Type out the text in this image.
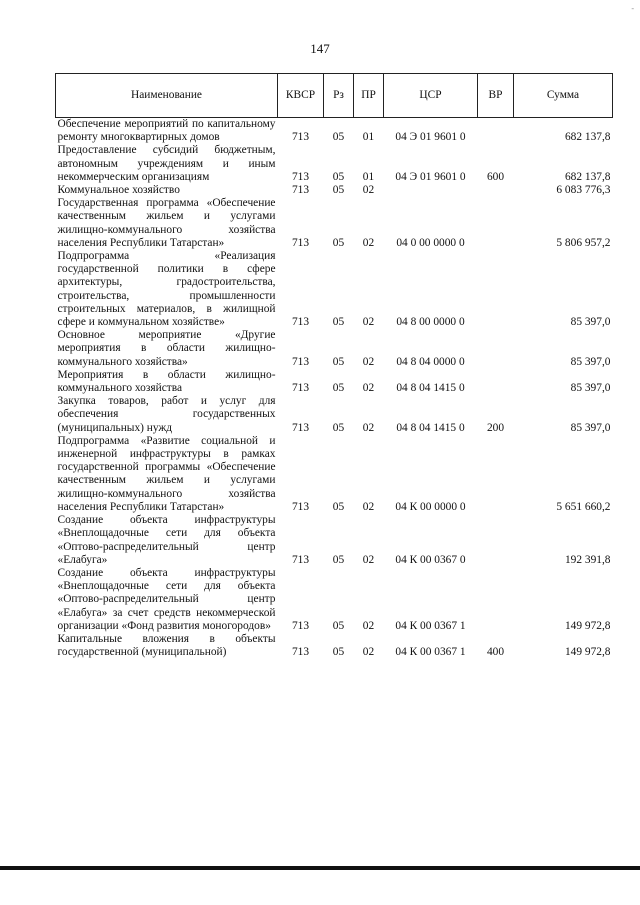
-
147
Наименование	КВСР	Рз	ПР	ЦСР	ВР	Сумма
Обеспечение мероприятий по капитальному ремонту многоквартирных домов	713	05	01	04 Э 01 9601 0		682 137,8
Предоставление субсидий бюджетным, автономным учреждениям и иным некоммерческим организациям	713	05	01	04 Э 01 9601 0	600	682 137,8
Коммунальное хозяйство	713	05	02			6 083 776,3
Государственная программа «Обеспечение качественным жильем и услугами жилищно-коммунального хозяйства населения Республики Татарстан»	713	05	02	04 0 00 0000 0		5 806 957,2
Подпрограмма «Реализация государственной политики в сфере архитектуры, градостроительства, строительства, промышленности строительных материалов, в жилищной сфере и коммунальном хозяйстве»	713	05	02	04 8 00 0000 0		85 397,0
Основное мероприятие «Другие мероприятия в области жилищно-коммунального хозяйства»	713	05	02	04 8 04 0000 0		85 397,0
Мероприятия в области жилищно-коммунального хозяйства	713	05	02	04 8 04 1415 0		85 397,0
Закупка товаров, работ и услуг для обеспечения государственных (муниципальных) нужд	713	05	02	04 8 04 1415 0	200	85 397,0
Подпрограмма «Развитие социальной и инженерной инфраструктуры в рамках государственной программы «Обеспечение качественным жильем и услугами жилищно-коммунального хозяйства населения Республики Татарстан»	713	05	02	04 К 00 0000 0		5 651 660,2
Создание объекта инфраструктуры «Внеплощадочные сети для объекта «Оптово-распределительный центр «Елабуга»	713	05	02	04 К 00 0367 0		192 391,8
Создание объекта инфраструктуры «Внеплощадочные сети для объекта «Оптово-распределительный центр «Елабуга» за счет средств некоммерческой организации «Фонд развития моногородов»	713	05	02	04 К 00 0367 1		149 972,8
Капитальные вложения в объекты государственной (муниципальной)	713	05	02	04 К 00 0367 1	400	149 972,8
